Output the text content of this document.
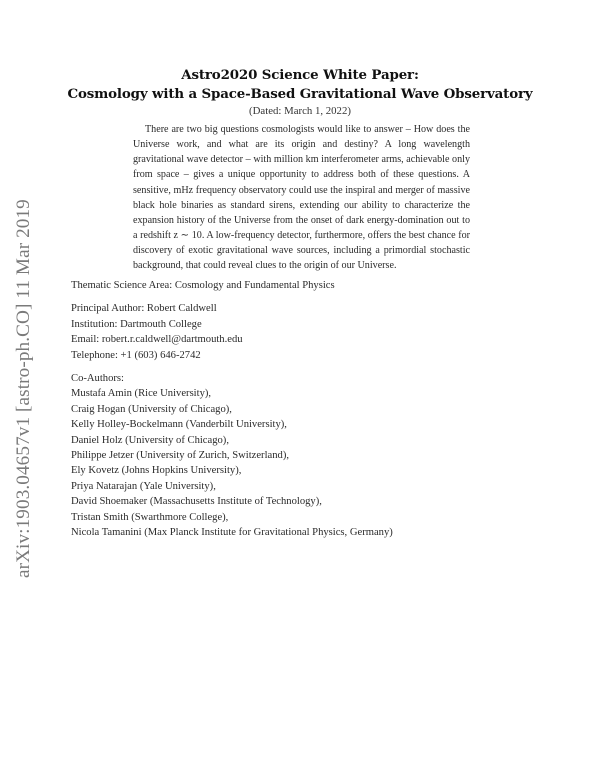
arXiv:1903.04657v1 [astro-ph.CO] 11 Mar 2019
Astro2020 Science White Paper:
Cosmology with a Space-Based Gravitational Wave Observatory
(Dated: March 1, 2022)

There are two big questions cosmologists would like to answer – How does the Universe work, and what are its origin and destiny? A long wavelength gravitational wave detector – with million km interferometer arms, achievable only from space – gives a unique opportunity to address both of these questions. A sensitive, mHz frequency observatory could use the inspiral and merger of massive black hole binaries as standard sirens, extending our ability to characterize the expansion history of the Universe from the onset of dark energy-domination out to a redshift z ∼ 10. A low-frequency detector, furthermore, offers the best chance for discovery of exotic gravitational wave sources, including a primordial stochastic background, that could reveal clues to the origin of our Universe.

Thematic Science Area: Cosmology and Fundamental Physics
Principal Author: Robert Caldwell
Institution: Dartmouth College
Email: robert.r.caldwell@dartmouth.edu
Telephone: +1 (603) 646-2742
Co-Authors:
Mustafa Amin (Rice University),
Craig Hogan (University of Chicago),
Kelly Holley-Bockelmann (Vanderbilt University),
Daniel Holz (University of Chicago),
Philippe Jetzer (University of Zurich, Switzerland),
Ely Kovetz (Johns Hopkins University),
Priya Natarajan (Yale University),
David Shoemaker (Massachusetts Institute of Technology),
Tristan Smith (Swarthmore College),
Nicola Tamanini (Max Planck Institute for Gravitational Physics, Germany)
